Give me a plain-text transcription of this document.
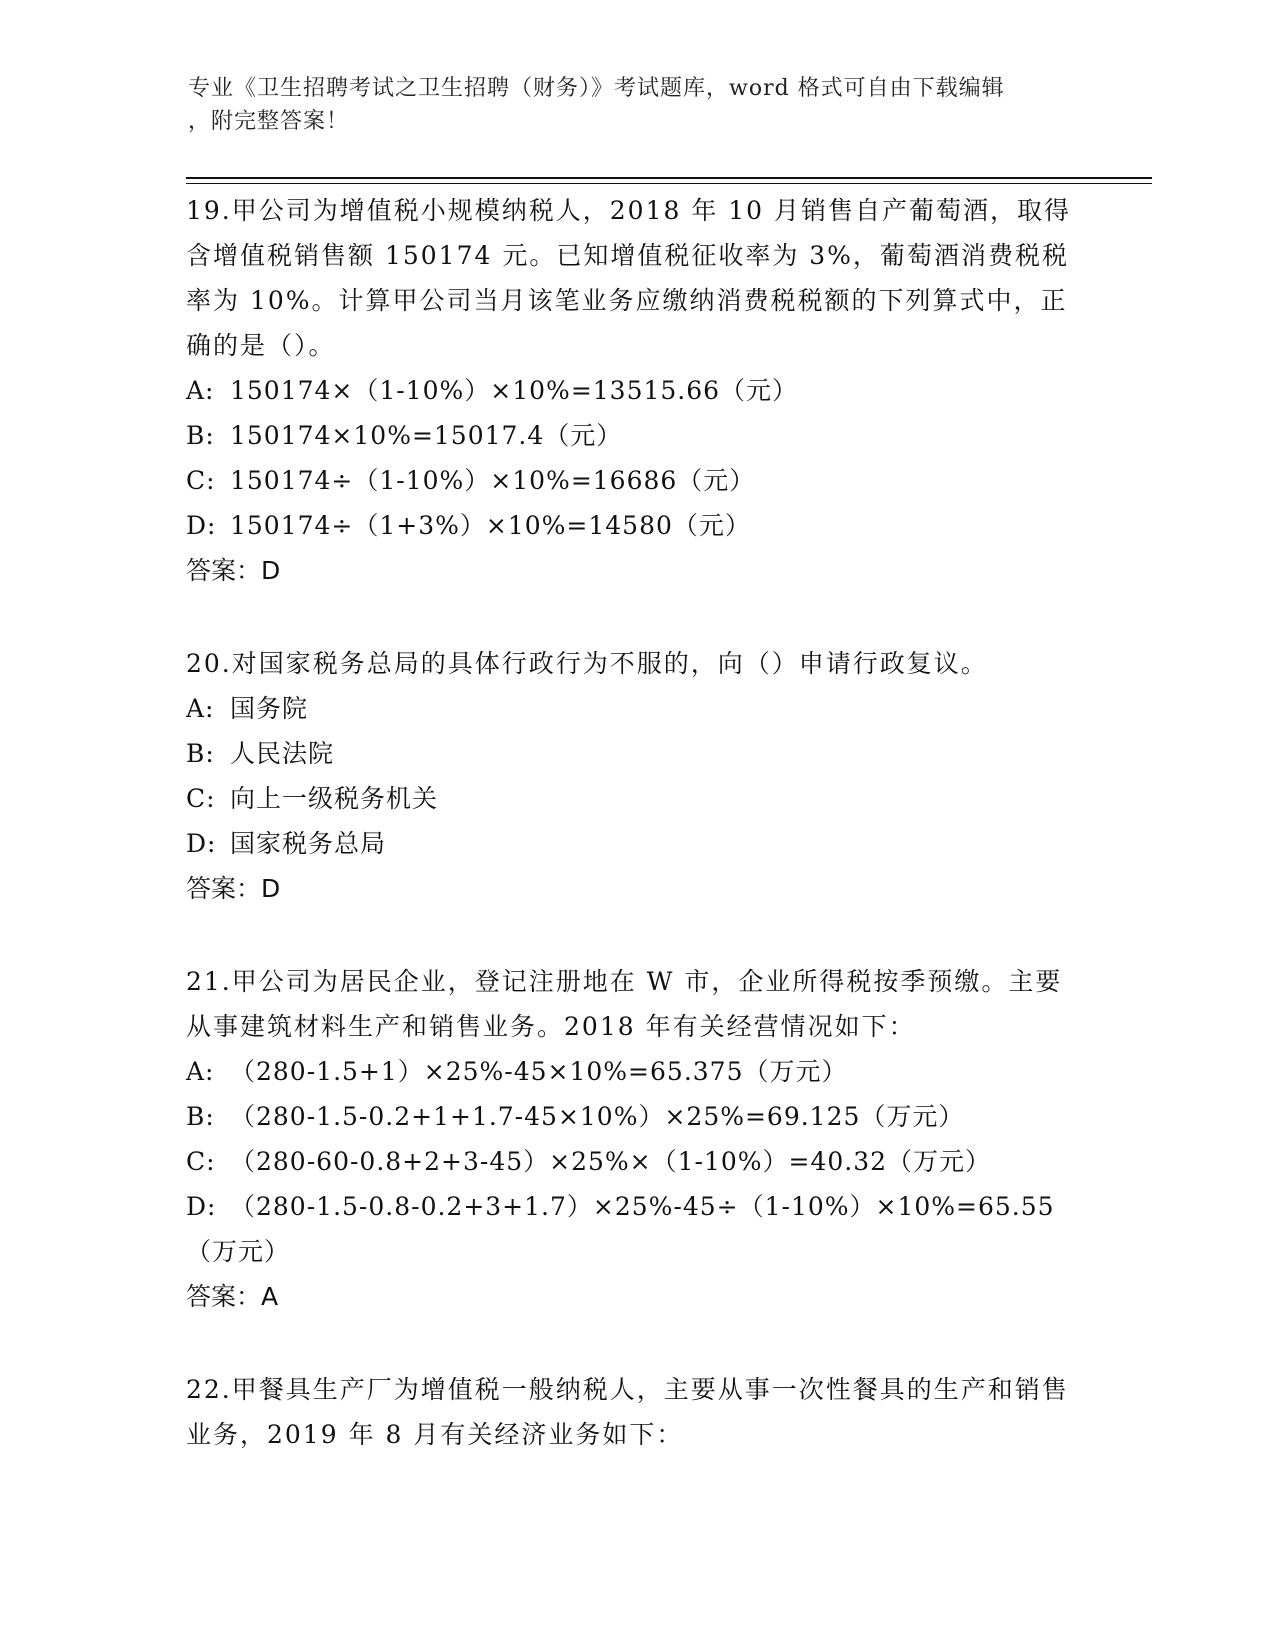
专业《卫生招聘考试之卫生招聘（财务）》考试题库，word 格式可自由下载编辑
，附完整答案！

19.甲公司为增值税小规模纳税人，2018 年 10 月销售自产葡萄酒，取得含增值税销售额 150174 元。已知增值税征收率为 3%，葡萄酒消费税税率为 10%。计算甲公司当月该笔业务应缴纳消费税税额的下列算式中，正确的是（）。

A: 150174×（1-10%）×10%=13515.66（元）

B: 150174×10%=15017.4（元）

C: 150174÷（1-10%）×10%=16686（元）

D: 150174÷（1+3%）×10%=14580（元）

答案：D

20.对国家税务总局的具体行政行为不服的，向（）申请行政复议。

A: 国务院

B: 人民法院

C: 向上一级税务机关

D: 国家税务总局

答案：D

21.甲公司为居民企业，登记注册地在 W 市，企业所得税按季预缴。主要从事建筑材料生产和销售业务。2018 年有关经营情况如下：

A: （280-1.5+1）×25%-45×10%=65.375（万元）

B: （280-1.5-0.2+1+1.7-45×10%）×25%=69.125（万元）

C: （280-60-0.8+2+3-45）×25%×（1-10%）=40.32（万元）

D: （280-1.5-0.8-0.2+3+1.7）×25%-45÷（1-10%）×10%=65.55（万元）

答案：A

22.甲餐具生产厂为增值税一般纳税人，主要从事一次性餐具的生产和销售业务，2019 年 8 月有关经济业务如下：
